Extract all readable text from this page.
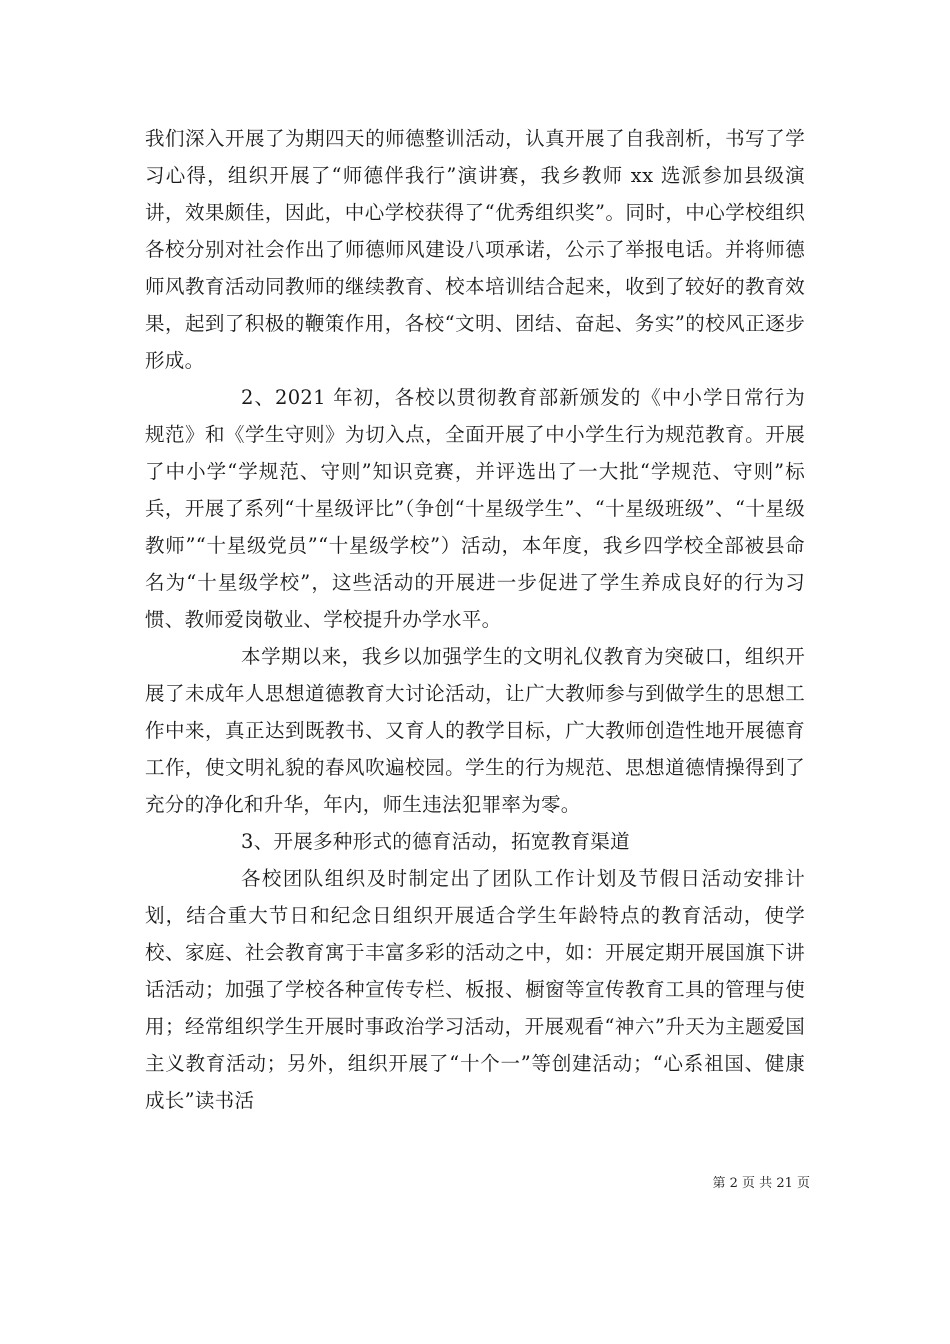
我们深入开展了为期四天的师德整训活动，认真开展了自我剖析，书写了学习心得，组织开展了“师德伴我行”演讲赛，我乡教师 xx 选派参加县级演讲，效果颇佳，因此，中心学校获得了“优秀组织奖”。同时，中心学校组织各校分别对社会作出了师德师风建设八项承诺，公示了举报电话。并将师德师风教育活动同教师的继续教育、校本培训结合起来，收到了较好的教育效果，起到了积极的鞭策作用，各校“文明、团结、奋起、务实”的校风正逐步形成。

2、2021 年初，各校以贯彻教育部新颁发的《中小学日常行为规范》和《学生守则》为切入点，全面开展了中小学生行为规范教育。开展了中小学“学规范、守则”知识竞赛，并评选出了一大批“学规范、守则”标兵，开展了系列“十星级评比”（争创“十星级学生”、“十星级班级”、“十星级教师”“十星级党员”“十星级学校”）活动，本年度，我乡四学校全部被县命名为“十星级学校”，这些活动的开展进一步促进了学生养成良好的行为习惯、教师爱岗敬业、学校提升办学水平。

本学期以来，我乡以加强学生的文明礼仪教育为突破口，组织开展了未成年人思想道德教育大讨论活动，让广大教师参与到做学生的思想工作中来，真正达到既教书、又育人的教学目标，广大教师创造性地开展德育工作，使文明礼貌的春风吹遍校园。学生的行为规范、思想道德情操得到了充分的净化和升华，年内，师生违法犯罪率为零。

3、开展多种形式的德育活动，拓宽教育渠道

各校团队组织及时制定出了团队工作计划及节假日活动安排计划，结合重大节日和纪念日组织开展适合学生年龄特点的教育活动，使学校、家庭、社会教育寓于丰富多彩的活动之中，如：开展定期开展国旗下讲话活动；加强了学校各种宣传专栏、板报、橱窗等宣传教育工具的管理与使用；经常组织学生开展时事政治学习活动，开展观看“神六”升天为主题爱国主义教育活动；另外，组织开展了“十个一”等创建活动；“心系祖国、健康成长”读书活

第 2 页 共 21 页
